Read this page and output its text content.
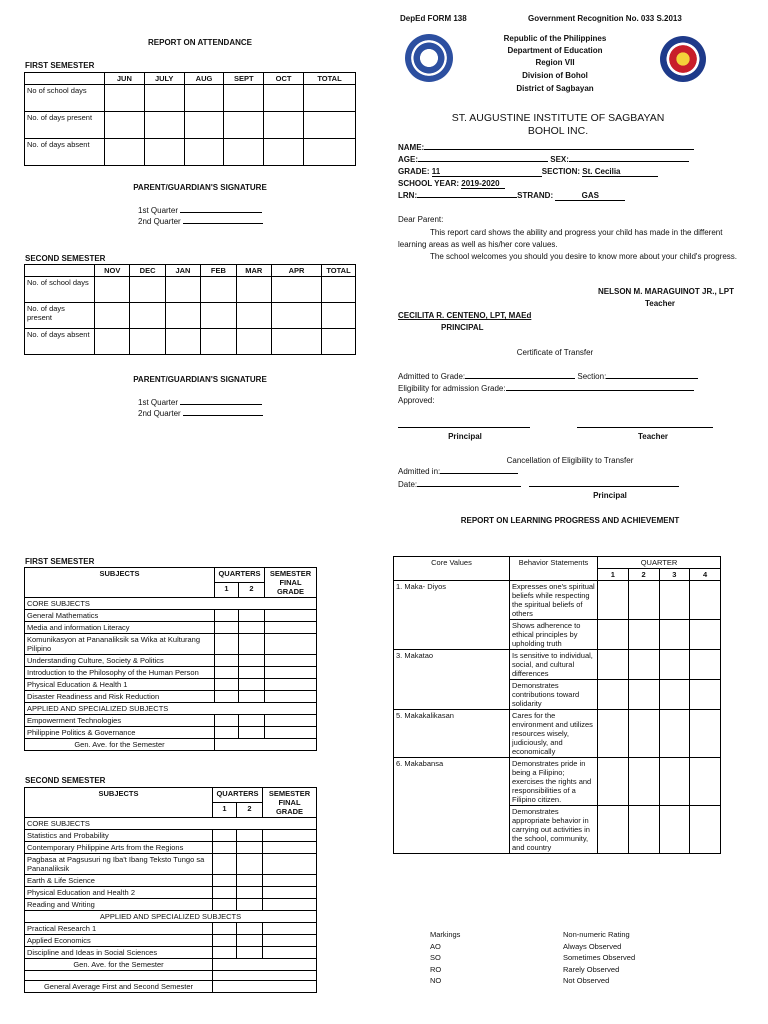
REPORT ON ATTENDANCE
FIRST SEMESTER
	JUN	JULY	AUG	SEPT	OCT	TOTAL
No of school days						
No. of days present						
No. of days absent						
PARENT/GUARDIAN'S SIGNATURE
1st Quarter
2nd Quarter
SECOND SEMESTER
	NOV	DEC	JAN	FEB	MAR	APR	TOTAL
No. of school days							
No. of days present							
No. of days absent							
PARENT/GUARDIAN'S SIGNATURE
1st Quarter
2nd Quarter
DepEd FORM 138	Government Recognition No. 033 S.2013
Republic of the Philippines
Department of Education
Region VII
Division of Bohol
District of Sagbayan
ST. AUGUSTINE INSTITUTE OF SAGBAYAN BOHOL INC.
NAME:
AGE:	SEX:
GRADE: 11	SECTION: St. Cecilia
SCHOOL YEAR: 2019-2020
LRN:	STRAND:	GAS
Dear Parent:
This report card shows the ability and progress your child has made in the different learning areas as well as his/her core values.
The school welcomes you should you desire to know more about your child's progress.
NELSON M. MARAGUINOT JR., LPT
Teacher
CECILITA R. CENTENO, LPT, MAEd
PRINCIPAL
Certificate of Transfer
Admitted to Grade:	Section:
Eligibility for admission Grade:
Approved:
Principal	Teacher
Cancellation of Eligibility to Transfer
Admitted in:
Date:
Principal
REPORT ON LEARNING PROGRESS AND ACHIEVEMENT
FIRST SEMESTER
SUBJECTS	QUARTERS		SEMESTER FINAL GRADE
	1	2	
CORE SUBJECTS			
General Mathematics			
Media and information Literacy			
Komunikasyon at Pananaliksik sa Wika at Kulturang Pilipino			
Understanding Culture, Society & Politics			
Introduction to the Philosophy of the Human Person			
Physical Education & Health 1			
Disaster Readiness and Risk Reduction			
APPLIED AND SPECIALIZED SUBJECTS			
Empowerment Technologies			
Philippine Politics & Governance			
Gen. Ave. for the Semester			
SECOND SEMESTER
SUBJECTS	QUARTERS		SEMESTER FINAL GRADE
	1	2	
CORE SUBJECTS			
Statistics and Probability			
Contemporary Philippine Arts from the Regions			
Pagbasa at Pagsusuri ng Iba't Ibang Teksto Tungo sa Pananaliksik			
Earth & Life Science			
Physical Education and Health 2			
Reading and Writing			
APPLIED AND SPECIALIZED SUBJECTS			
Practical Research 1			
Applied Economics			
Discipline and Ideas in Social Sciences			
Gen. Ave. for the Semester			

General Average First and Second Semester			
Core Values	Behavior Statements	QUARTER			
		1	2	3	4
1. Maka- Diyos	Expresses one's spiritual beliefs while respecting the spiritual beliefs of others				
	Shows adherence to ethical principles by upholding truth				
3. Makatao	Is sensitive to individual, social, and cultural differences				
	Demonstrates contributions toward solidarity				
5. Makakalikasan	Cares for the environment and utilizes resources wisely, judiciously, and economically				
6. Makabansa	Demonstrates pride in being a Filipino; exercises the rights and responsibilities of a Filipino citizen.				
	Demonstrates appropriate behavior in carrying out activities in the school, community, and country				
Markings	Non-numeric Rating
AO	Always Observed
SO	Sometimes Observed
RO	Rarely Observed
NO	Not Observed
